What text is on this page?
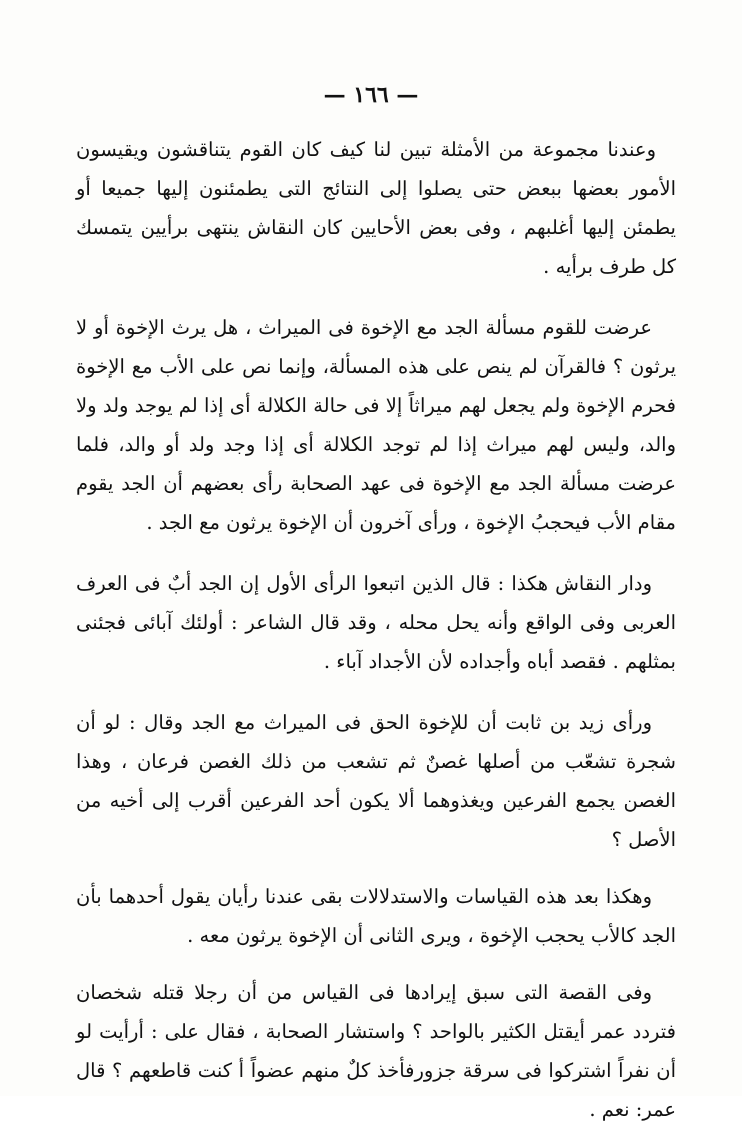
— ١٦٦ —

وعندنا مجموعة من الأمثلة تبين لنا كيف كان القوم يتناقشون ويقيسون الأمور بعضها ببعض حتى يصلوا إلى النتائج التى يطمئنون إليها جميعا أو يطمئن إليها أغلبهم ، وفى بعض الأحايين كان النقاش ينتهى برأيين يتمسك كل طرف برأيه .

عرضت للقوم مسألة الجد مع الإخوة فى الميراث ، هل يرث الإخوة أو لا يرثون ؟ فالقرآن لم ينص على هذه المسألة، وإنما نص على الأب مع الإخوة فحرم الإخوة ولم يجعل لهم ميراثاً إلا فى حالة الكلالة أى إذا لم يوجد ولد ولا والد، وليس لهم ميراث إذا لم توجد الكلالة أى إذا وجد ولد أو والد، فلما عرضت مسألة الجد مع الإخوة فى عهد الصحابة رأى بعضهم أن الجد يقوم مقام الأب فيحجبُ الإخوة ، ورأى آخرون أن الإخوة يرثون مع الجد .

ودار النقاش هكذا : قال الذين اتبعوا الرأى الأول إن الجد أبٌ فى العرف العربى وفى الواقع وأنه يحل محله ، وقد قال الشاعر : أولئك آبائى فجئنى بمثلهم . فقصد أباه وأجداده لأن الأجداد آباء .

ورأى زيد بن ثابت أن للإخوة الحق فى الميراث مع الجد وقال : لو أن شجرة تشعّب من أصلها غصنٌ ثم تشعب من ذلك الغصن فرعان ، وهذا الغصن يجمع الفرعين ويغذوهما ألا يكون أحد الفرعين أقرب إلى أخيه من الأصل ؟

وهكذا بعد هذه القياسات والاستدلالات بقى عندنا رأيان يقول أحدهما بأن الجد كالأب يحجب الإخوة ، ويرى الثانى أن الإخوة يرثون معه .

وفى القصة التى سبق إيرادها فى القياس من أن رجلا قتله شخصان فتردد عمر أيقتل الكثير بالواحد ؟ واستشار الصحابة ، فقال على : أرأيت لو أن نفراً اشتركوا فى سرقة جزورفأخذ كلٌ منهم عضواً أ كنت قاطعهم ؟ قال عمر: نعم .
